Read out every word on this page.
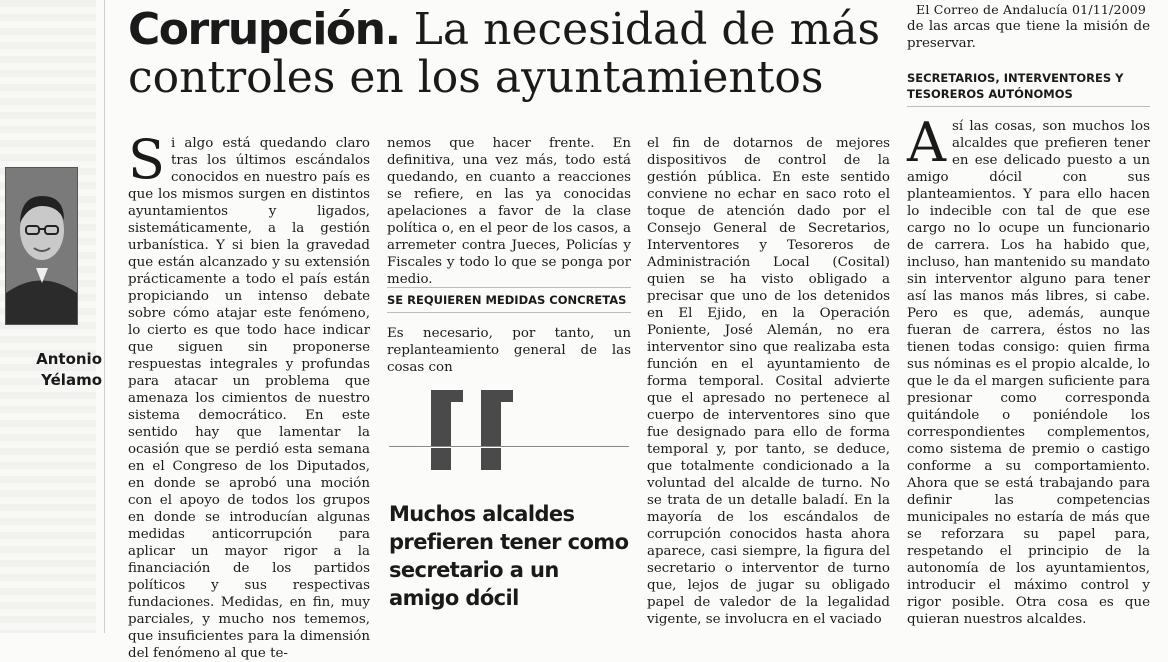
El Correo de Andalucía 01/11/2009
Corrupción. La necesidad de más controles en los ayuntamientos
Antonio
Yélamo
Si algo está quedando claro tras los últimos escándalos conocidos en nuestro país es que los mismos surgen en distintos ayuntamientos y ligados, sistemáticamente, a la gestión urbanística. Y si bien la gravedad que están alcanzado y su extensión prácticamente a todo el país están propiciando un intenso debate sobre cómo atajar este fenómeno, lo cierto es que todo hace indicar que siguen sin proponerse respuestas integrales y profundas para atacar un problema que amenaza los cimientos de nuestro sistema democrático. En este sentido hay que lamentar la ocasión que se perdió esta semana en el Congreso de los Diputados, en donde se aprobó una moción con el apoyo de todos los grupos en donde se introducían algunas medidas anticorrupción para aplicar un mayor rigor a la financiación de los partidos políticos y sus respectivas fundaciones. Medidas, en fin, muy parciales, y mucho nos tememos, que insuficientes para la dimensión del fenómeno al que te-
nemos que hacer frente. En definitiva, una vez más, todo está quedando, en cuanto a reacciones se refiere, en las ya conocidas apelaciones a favor de la clase política o, en el peor de los casos, a arremeter contra Jueces, Policías y Fiscales y todo lo que se ponga por medio.
SE REQUIEREN MEDIDAS CONCRETAS
Es necesario, por tanto, un replanteamiento general de las cosas con
Muchos alcaldes prefieren tener como secretario a un amigo dócil
el fin de dotarnos de mejores dispositivos de control de la gestión pública. En este sentido conviene no echar en saco roto el toque de atención dado por el Consejo General de Secretarios, Interventores y Tesoreros de Administración Local (Cosital) quien se ha visto obligado a precisar que uno de los detenidos en El Ejido, en la Operación Poniente, José Alemán, no era interventor sino que realizaba esta función en el ayuntamiento de forma temporal. Cosital advierte que el apresado no pertenece al cuerpo de interventores sino que fue designado para ello de forma temporal y, por tanto, se deduce, que totalmente condicionado a la voluntad del alcalde de turno. No se trata de un detalle baladí. En la mayoría de los escándalos de corrupción conocidos hasta ahora aparece, casi siempre, la figura del secretario o interventor de turno que, lejos de jugar su obligado papel de valedor de la legalidad vigente, se involucra en el vaciado
de las arcas que tiene la misión de preservar.
SECRETARIOS, INTERVENTORES Y TESOREROS AUTÓNOMOS
Así las cosas, son muchos los alcaldes que prefieren tener en ese delicado puesto a un amigo dócil con sus planteamientos. Y para ello hacen lo indecible con tal de que ese cargo no lo ocupe un funcionario de carrera. Los ha habido que, incluso, han mantenido su mandato sin interventor alguno para tener así las manos más libres, si cabe. Pero es que, además, aunque fueran de carrera, éstos no las tienen todas consigo: quien firma sus nóminas es el propio alcalde, lo que le da el margen suficiente para presionar como corresponda quitándole o poniéndole los correspondientes complementos, como sistema de premio o castigo conforme a su comportamiento. Ahora que se está trabajando para definir las competencias municipales no estaría de más que se reforzara su papel para, respetando el principio de la autonomía de los ayuntamientos, introducir el máximo control y rigor posible. Otra cosa es que quieran nuestros alcaldes.
